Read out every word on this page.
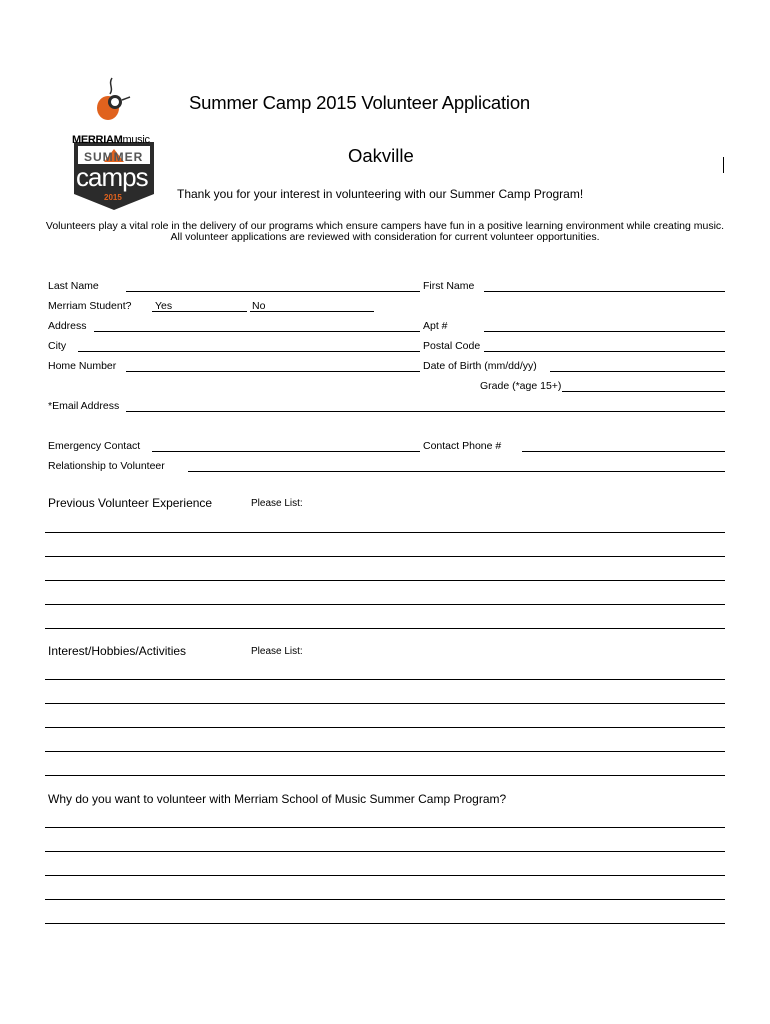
MERRIAMmusic
SUMMER
camps
2015
Summer Camp 2015 Volunteer Application
Oakville
Thank you for your interest in volunteering with our Summer Camp Program!
Volunteers play a vital role in the delivery of our programs which ensure campers have fun in a positive learning environment while creating music.
All volunteer applications are reviewed with consideration for current volunteer opportunities.
Last Name	First Name
Merriam Student? Yes	No
Address	Apt #
City	Postal Code
Home Number	Date of Birth (mm/dd/yy)
Grade (*age 15+)
*Email Address
Emergency Contact	Contact Phone #
Relationship to Volunteer
Previous Volunteer Experience	Please List:
Interest/Hobbies/Activities	Please List:
Why do you want to volunteer with Merriam School of Music Summer Camp Program?
